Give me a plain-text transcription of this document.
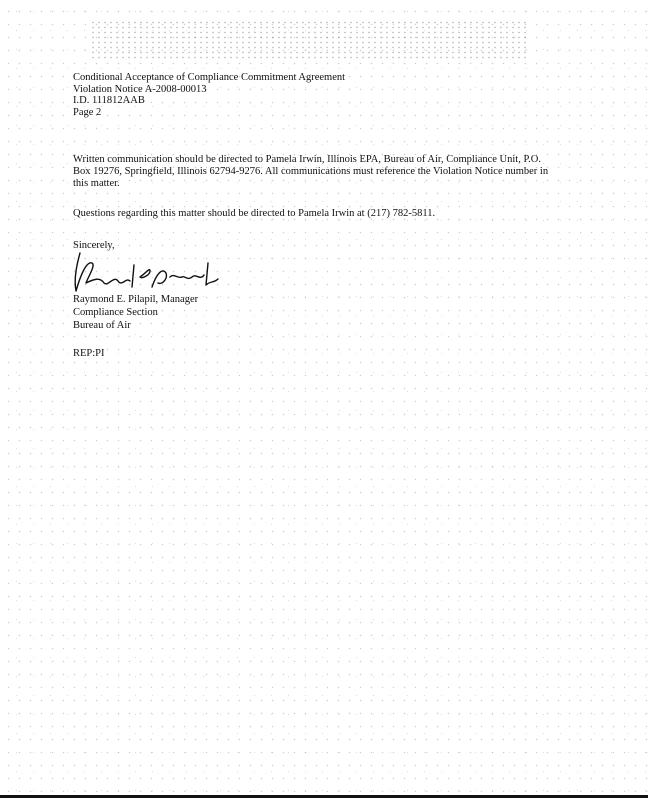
Conditional Acceptance of Compliance Commitment Agreement
Violation Notice A-2008-00013
I.D. 111812AAB
Page 2
Written communication should be directed to Pamela Irwin, Illinois EPA, Bureau of Air, Compliance Unit, P.O. Box 19276, Springfield, Illinois 62794-9276. All communications must reference the Violation Notice number in this matter.
Questions regarding this matter should be directed to Pamela Irwin at (217) 782-5811.
Sincerely,
Raymond E. Pilapil, Manager
Compliance Section
Bureau of Air
REP:PI
